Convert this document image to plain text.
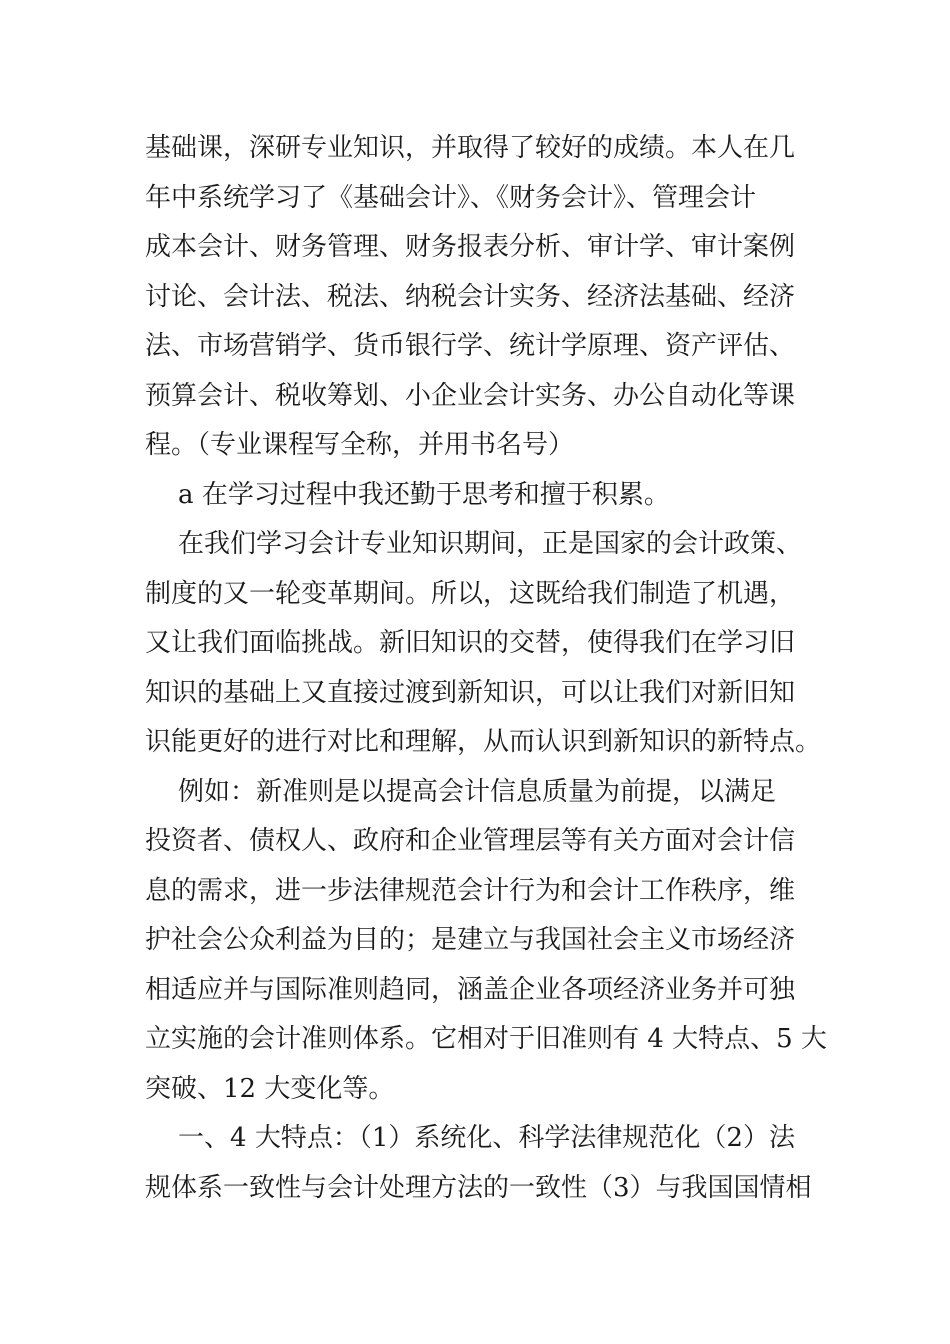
基础课，深研专业知识，并取得了较好的成绩。本人在几
年中系统学习了《基础会计》、《财务会计》、管理会计
成本会计、财务管理、财务报表分析、审计学、审计案例
讨论、会计法、税法、纳税会计实务、经济法基础、经济
法、市场营销学、货币银行学、统计学原理、资产评估、
预算会计、税收筹划、小企业会计实务、办公自动化等课
程。（专业课程写全称，并用书名号）
a 在学习过程中我还勤于思考和擅于积累。
在我们学习会计专业知识期间，正是国家的会计政策、
制度的又一轮变革期间。所以，这既给我们制造了机遇，
又让我们面临挑战。新旧知识的交替，使得我们在学习旧
知识的基础上又直接过渡到新知识，可以让我们对新旧知
识能更好的进行对比和理解，从而认识到新知识的新特点。
例如：新准则是以提高会计信息质量为前提，以满足
投资者、债权人、政府和企业管理层等有关方面对会计信
息的需求，进一步法律规范会计行为和会计工作秩序，维
护社会公众利益为目的；是建立与我国社会主义市场经济
相适应并与国际准则趋同，涵盖企业各项经济业务并可独
立实施的会计准则体系。它相对于旧准则有 4 大特点、5 大
突破、12 大变化等。
一、4 大特点：（1）系统化、科学法律规范化（2）法
规体系一致性与会计处理方法的一致性（3）与我国国情相
